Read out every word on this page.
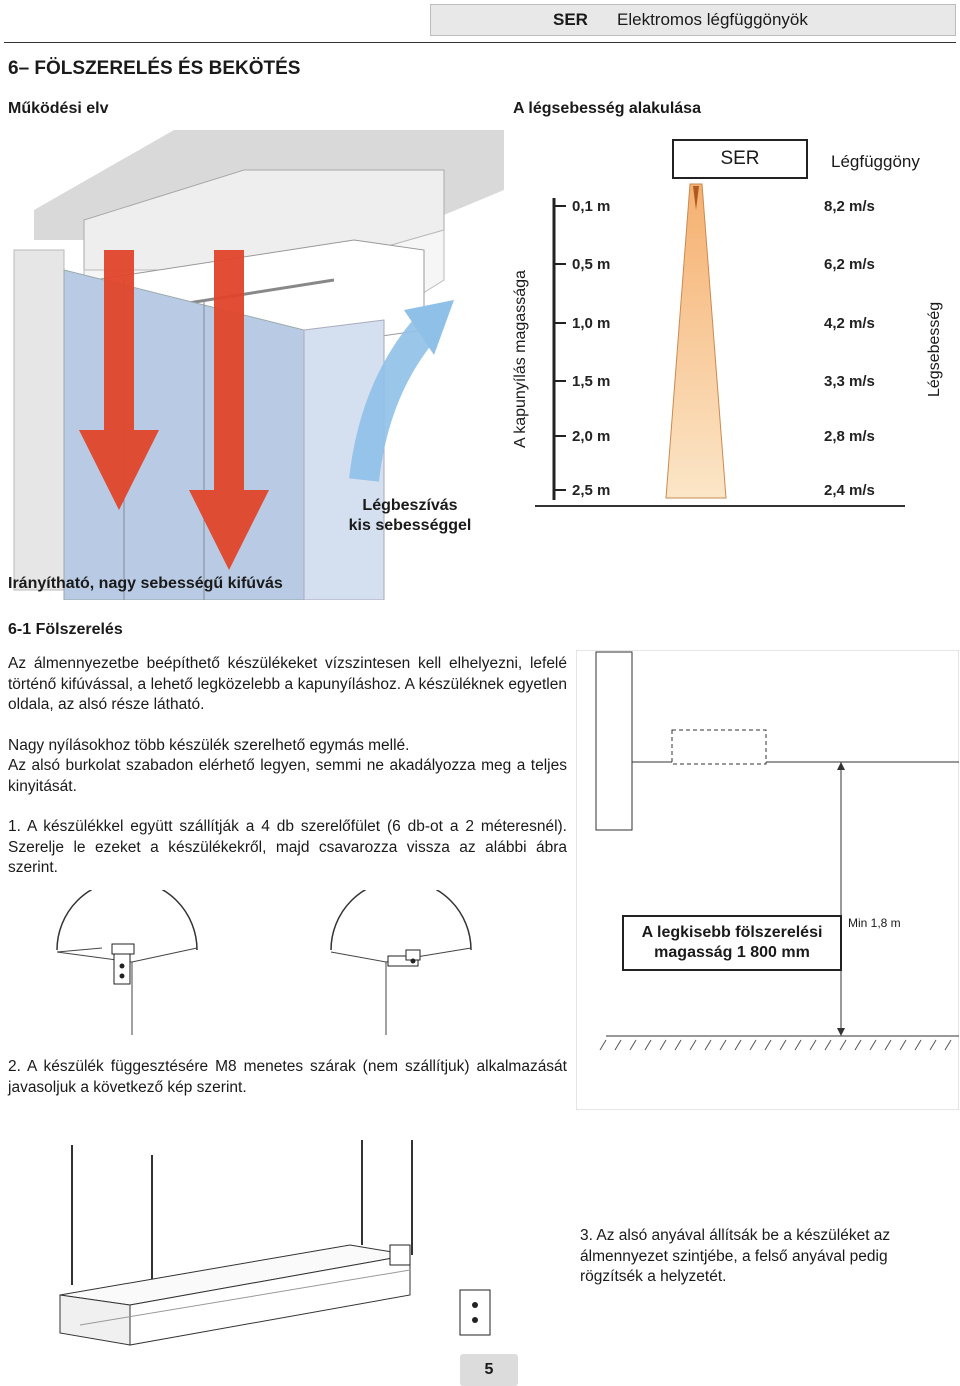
SER Elektromos légfüggönyök
6– FÖLSZERELÉS ÉS BEKÖTÉS
Működési elv	A légsebesség alakulása
Légbeszívás
kis sebességgel
Irányítható, nagy sebességű kifúvás
SER	Légfüggöny
A kapunyílás magassága	Légsebesség
0,1 m	8,2 m/s
0,5 m	6,2 m/s
1,0 m	4,2 m/s
1,5 m	3,3 m/s
2,0 m	2,8 m/s
2,5 m	2,4 m/s
6-1 Fölszerelés
Az álmennyezetbe beépíthető készülékeket vízszintesen kell elhelyezni, lefelé történő kifúvással, a lehető legközelebb a kapunyíláshoz. A készüléknek egyetlen oldala, az alsó része látható.
Nagy nyílásokhoz több készülék szerelhető egymás mellé.
Az alsó burkolat szabadon elérhető legyen, semmi ne akadályozza meg a teljes kinyitását.
1. A készülékkel együtt szállítják a 4 db szerelőfület (6 db-ot a 2 méteresnél). Szerelje le ezeket a készülékekről, majd csavarozza vissza az alábbi ábra szerint.
Min 1,8 m
A legkisebb fölszerelési
magasság 1 800 mm
2. A készülék függesztésére M8 menetes szárak (nem szállítjuk) alkalmazását javasoljuk a következő kép szerint.
3. Az alsó anyával állítsák be a készüléket az álmennyezet szintjébe, a felső anyával pedig rögzítsék a helyzetét.
5
